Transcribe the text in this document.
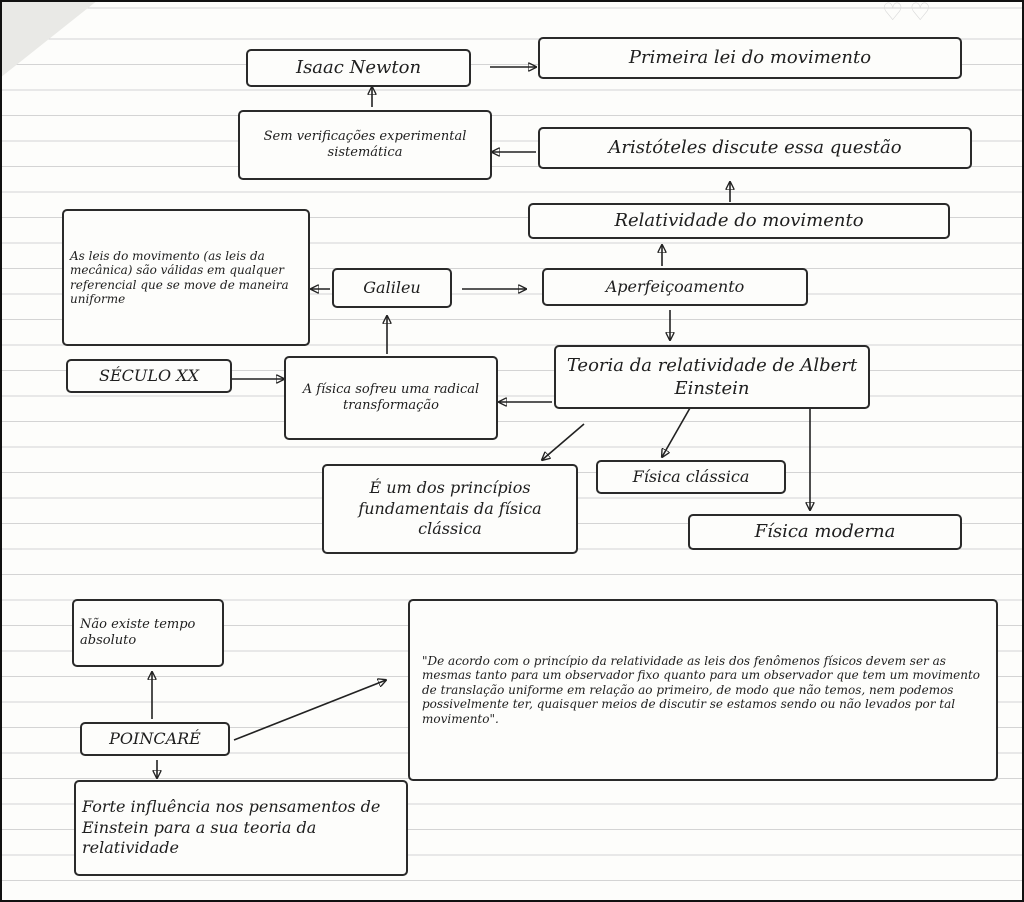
♡♡
Isaac Newton	Primeira lei do movimento
Sem verificações experimental sistemática	Aristóteles discute essa questão
Relatividade do movimento
As leis do movimento (as leis da mecânica) são válidas em qualquer referencial que se move de maneira uniforme
Galileu	Aperfeiçoamento
SÉCULO XX
A física sofreu uma radical transformação
Teoria da relatividade de Albert Einstein
É um dos princípios fundamentais da física clássica
Física clássica
Física moderna
Não existe tempo absoluto
POINCARÉ
"De acordo com o princípio da relatividade as leis dos fenômenos físicos devem ser as mesmas tanto para um observador fixo quanto para um observador que tem um movimento de translação uniforme em relação ao primeiro, de modo que não temos, nem podemos possivelmente ter, quaisquer meios de discutir se estamos sendo ou não levados por tal movimento".
Forte influência nos pensamentos de Einstein para a sua teoria da relatividade
